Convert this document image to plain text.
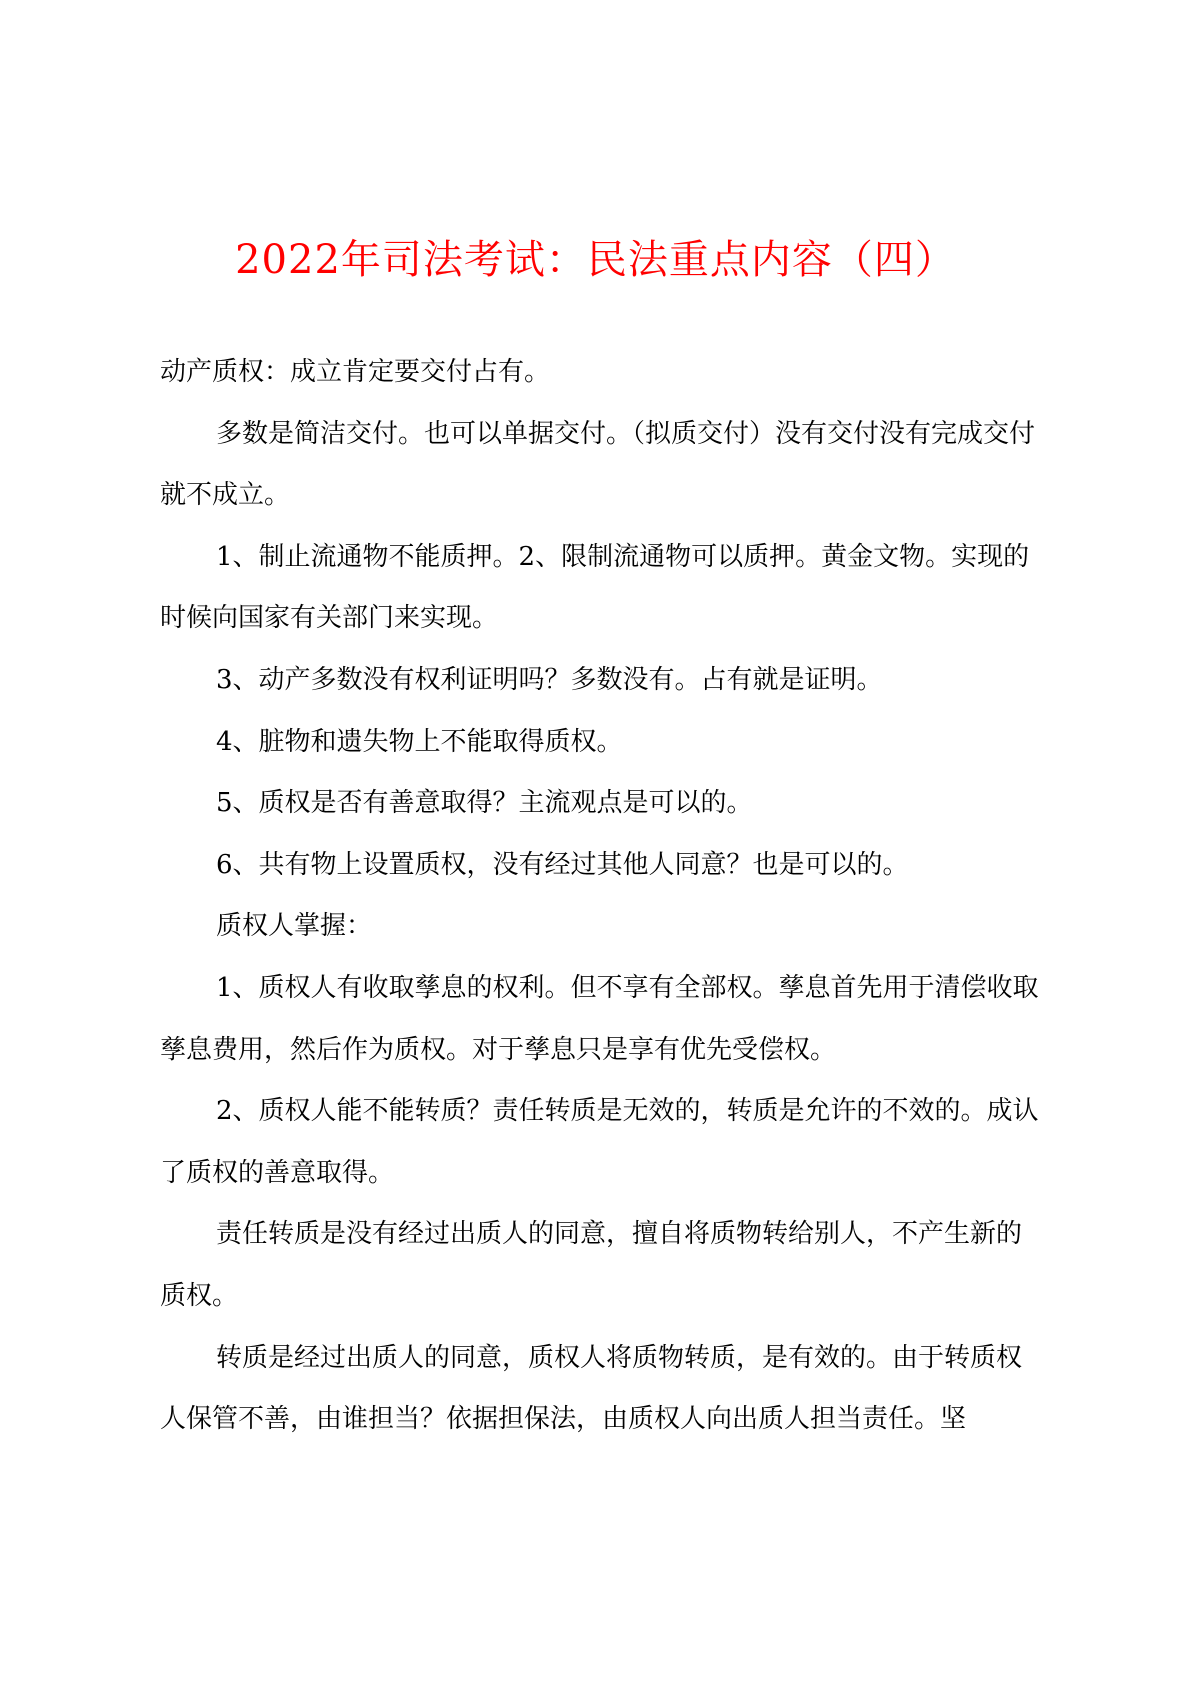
2022年司法考试：民法重点内容（四）

动产质权：成立肯定要交付占有。

多数是简洁交付。也可以单据交付。（拟质交付）没有交付没有完成交付就不成立。

1、制止流通物不能质押。2、限制流通物可以质押。黄金文物。实现的时候向国家有关部门来实现。

3、动产多数没有权利证明吗？多数没有。占有就是证明。

4、脏物和遗失物上不能取得质权。

5、质权是否有善意取得？主流观点是可以的。

6、共有物上设置质权，没有经过其他人同意？也是可以的。

质权人掌握：

1、质权人有收取孳息的权利。但不享有全部权。孳息首先用于清偿收取孳息费用，然后作为质权。对于孳息只是享有优先受偿权。

2、质权人能不能转质？责任转质是无效的，转质是允许的不效的。成认了质权的善意取得。

责任转质是没有经过出质人的同意，擅自将质物转给别人，不产生新的质权。

转质是经过出质人的同意，质权人将质物转质，是有效的。由于转质权人保管不善，由谁担当？依据担保法，由质权人向出质人担当责任。坚
